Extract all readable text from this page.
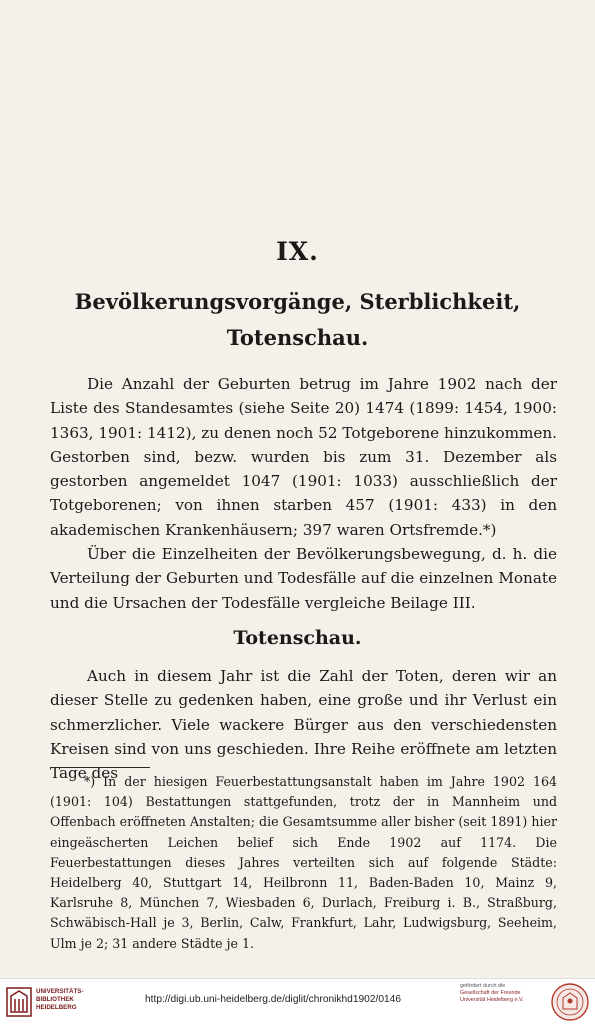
IX.
Bevölkerungsvorgänge, Sterblichkeit,
Totenschau.

Die Anzahl der Geburten betrug im Jahre 1902 nach der Liste des Standesamtes (siehe Seite 20) 1474 (1899: 1454, 1900: 1363, 1901: 1412), zu denen noch 52 Totgeborene hinzukommen. Gestorben sind, bezw. wurden bis zum 31. Dezember als gestorben angemeldet 1047 (1901: 1033) ausschließlich der Totgeborenen; von ihnen starben 457 (1901: 433) in den akademischen Krankenhäusern; 397 waren Ortsfremde.*)

Über die Einzelheiten der Bevölkerungsbewegung, d. h. die Verteilung der Geburten und Todesfälle auf die einzelnen Monate und die Ursachen der Todesfälle vergleiche Beilage III.

Totenschau.

Auch in diesem Jahr ist die Zahl der Toten, deren wir an dieser Stelle zu gedenken haben, eine große und ihr Verlust ein schmerzlicher. Viele wackere Bürger aus den verschiedensten Kreisen sind von uns geschieden. Ihre Reihe eröffnete am letzten Tage des

*) In der hiesigen Feuerbestattungsanstalt haben im Jahre 1902 164 (1901: 104) Bestattungen stattgefunden, trotz der in Mannheim und Offenbach eröffneten Anstalten; die Gesamtsumme aller bisher (seit 1891) hier eingeäscherten Leichen belief sich Ende 1902 auf 1174. Die Feuerbestattungen dieses Jahres verteilten sich auf folgende Städte: Heidelberg 40, Stuttgart 14, Heilbronn 11, Baden-Baden 10, Mainz 9, Karlsruhe 8, München 7, Wiesbaden 6, Durlach, Freiburg i. B., Straßburg, Schwäbisch-Hall je 3, Berlin, Calw, Frankfurt, Lahr, Ludwigsburg, Seeheim, Ulm je 2; 31 andere Städte je 1.

UNIVERSITÄTS-
BIBLIOTHEK
HEIDELBERG
http://digi.ub.uni-heidelberg.de/diglit/chronikhd1902/0146
gefördert durch die
Gesellschaft der Freunde
Universität Heidelberg e.V.
